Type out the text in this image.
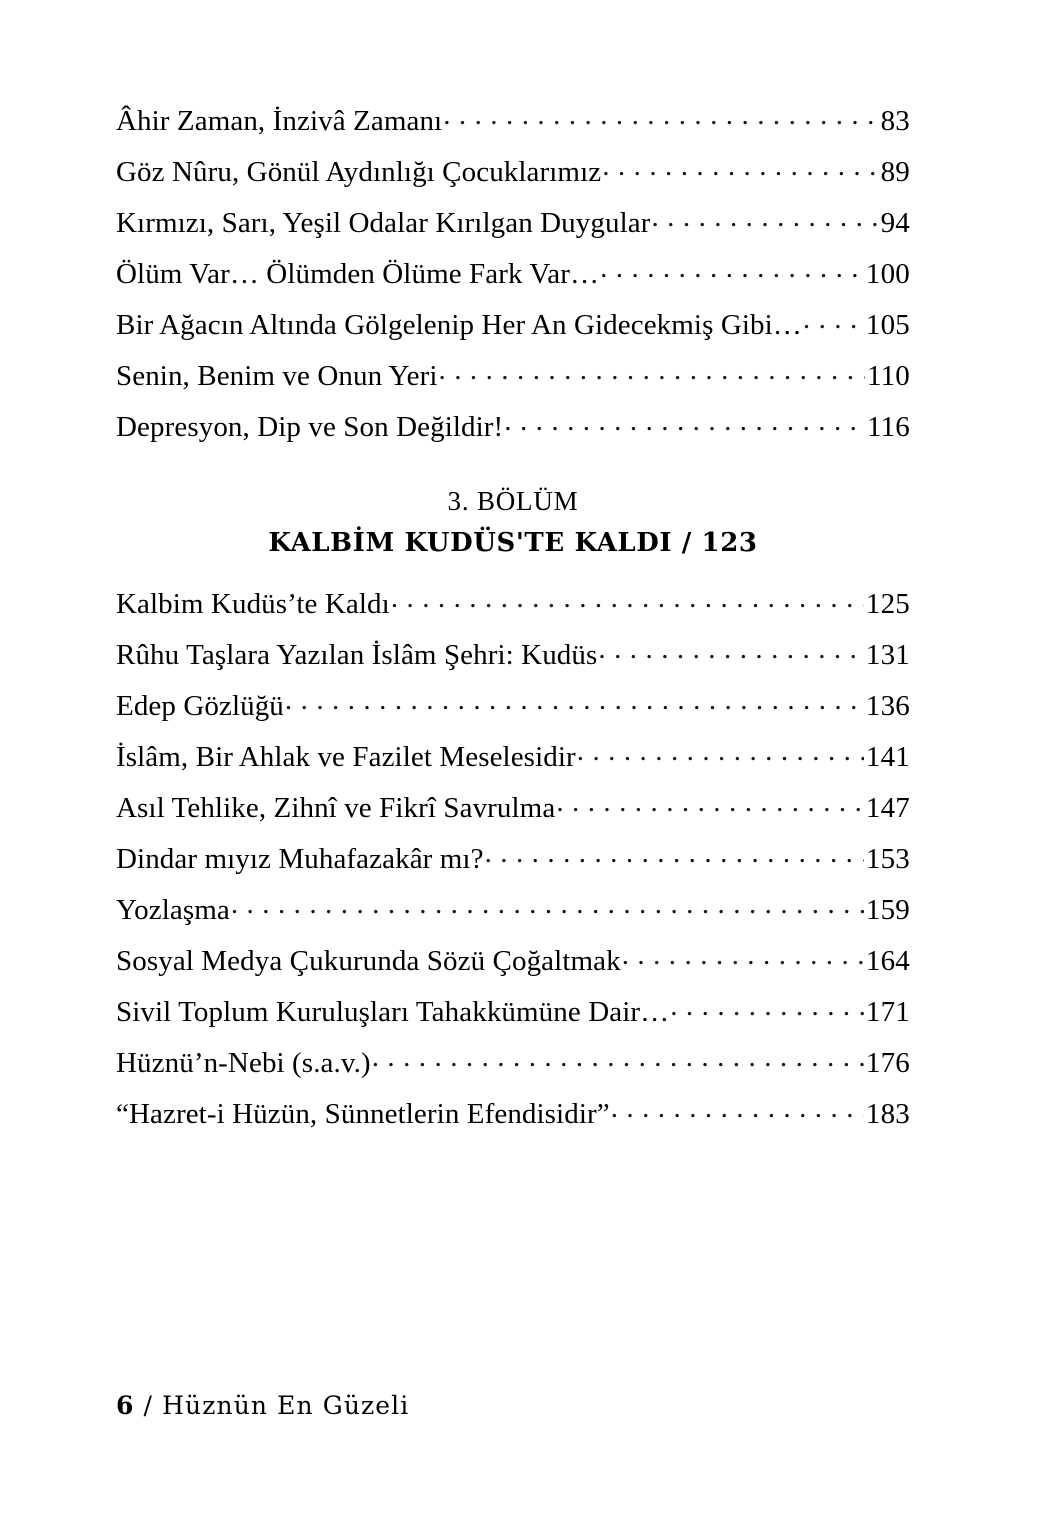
Âhir Zaman, İnzivâ Zamanı . . .	83
Göz Nûru, Gönül Aydınlığı Çocuklarımız . . .	89
Kırmızı, Sarı, Yeşil Odalar Kırılgan Duygular . . .	94
Ölüm Var… Ölümden Ölüme Fark Var… . . .	100
Bir Ağacın Altında Gölgelenip Her An Gidecekmiş Gibi… . . . 105
Senin, Benim ve Onun Yeri . . .	110
Depresyon, Dip ve Son Değildir! . . .	116
3. BÖLÜM
KALBİM KUDÜS'TE KALDI / 123
Kalbim Kudüs’te Kaldı . . .	125
Rûhu Taşlara Yazılan İslâm Şehri: Kudüs . . .	131
Edep Gözlüğü . . .	136
İslâm, Bir Ahlak ve Fazilet Meselesidir . . .	141
Asıl Tehlike, Zihnî ve Fikrî Savrulma . . .	147
Dindar mıyız Muhafazakâr mı? . . .	153
Yozlaşma . . .	159
Sosyal Medya Çukurunda Sözü Çoğaltmak . . .	164
Sivil Toplum Kuruluşları Tahakkümüne Dair… . . .	171
Hüznü’n-Nebi (s.a.v.) . . .	176
“Hazret-i Hüzün, Sünnetlerin Efendisidir” . . .	183
6 / Hüznün En Güzeli
